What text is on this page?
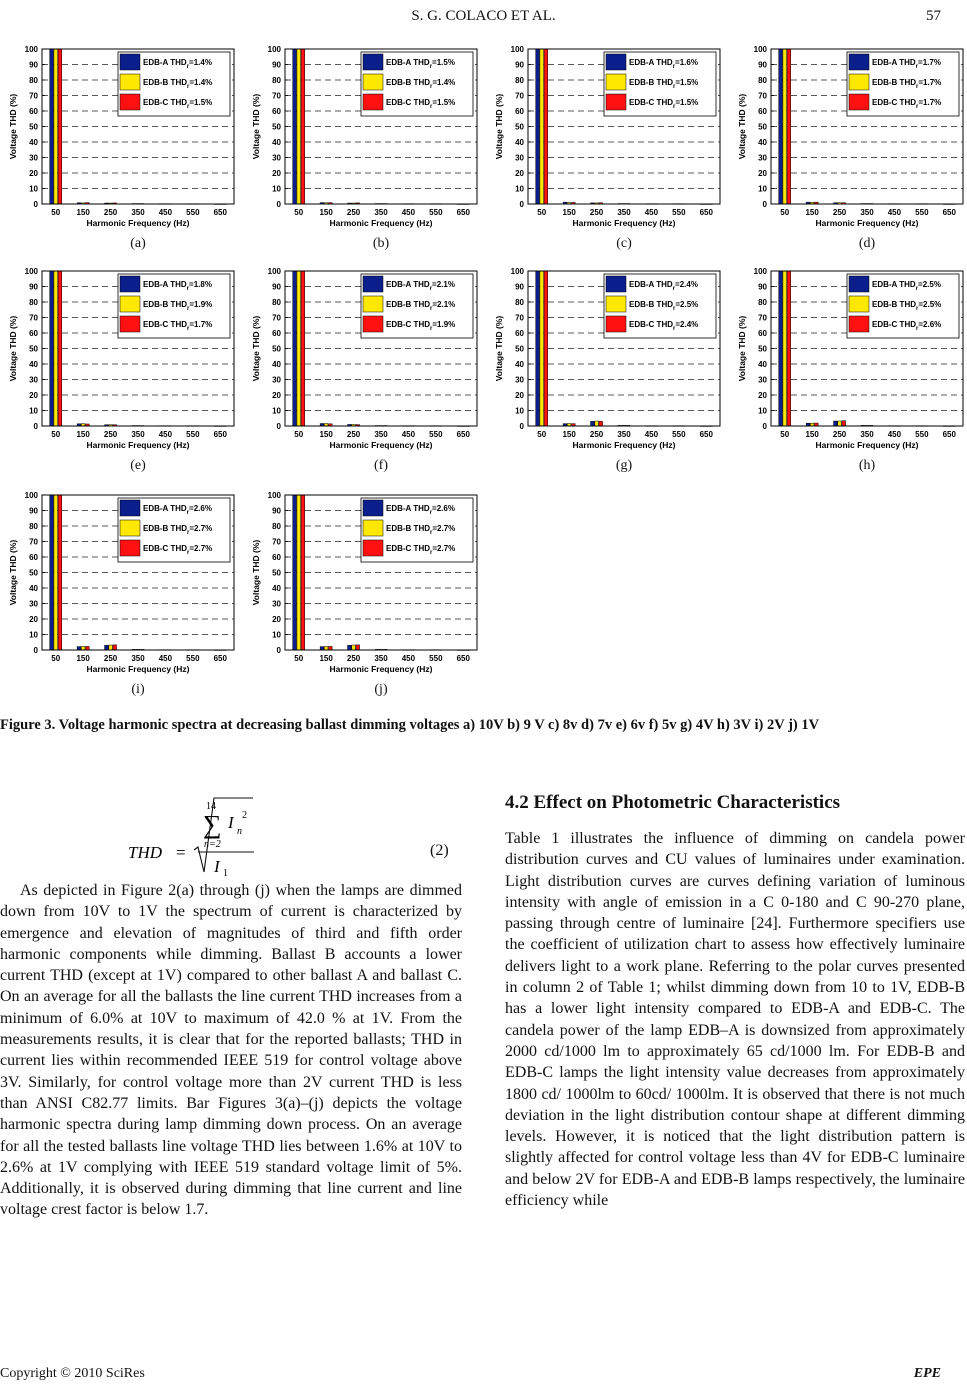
S. G. COLACO ET AL.	57
0
10
20
30
40
50
60
70
80
90
100
50 150 250 350 450 550 650
Harmonic Frequency (Hz)
Voltage THD (%)
EDB-A $THD_r=1.4\%$
EDB-B $THD_r=1.4\%$
EDB-C $THD_r=1.5\%$
0
10
20
30
40
50
60
70
80
90
100
50 150 250 350 450 550 650
Harmonic Frequency (Hz)
Voltage THD (%)
EDB-A $THD_r=1.5\%$
EDB-B $THD_r=1.4\%$
EDB-C $THD_r=1.5\%$
0
10
20
30
40
50
60
70
80
90
100
50 150 250 350 450 550 650
Harmonic Frequency (Hz)
Voltage THD (%)
EDB-A $THD_r=1.6\%$
EDB-B $THD_r=1.5\%$
EDB-C $THD_r=1.5\%$
0
10
20
30
40
50
60
70
80
90
100
50 150 250 350 450 550 650
Harmonic Frequency (Hz)
Voltage THD (%)
EDB-A $THD_r=1.7\%$
EDB-B $THD_r=1.7\%$
EDB-C $THD_r=1.7\%$
0
10
20
30
40
50
60
70
80
90
100
50 150 250 350 450 550 650
Harmonic Frequency (Hz)
Voltage THD (%)
EDB-A $THD_r=1.8\%$
EDB-B $THD_r=1.9\%$
EDB-C $THD_r=1.7\%$
0
10
20
30
40
50
60
70
80
90
100
50 150 250 350 450 550 650
Harmonic Frequency (Hz)
Voltage THD (%)
EDB-A $THD_r=2.1\%$
EDB-B $THD_r=2.1\%$
EDB-C $THD_r=1.9\%$
0
10
20
30
40
50
60
70
80
90
100
50 150 250 350 450 550 650
Harmonic Frequency (Hz)
Voltage THD (%)
EDB-A $THD_r=2.4\%$
EDB-B $THD_r=2.5\%$
EDB-C $THD_r=2.4\%$
0
10
20
30
40
50
60
70
80
90
100
50 150 250 350 450 550 650
Harmonic Frequency (Hz)
Voltage THD (%)
EDB-A $THD_r=2.5\%$
EDB-B $THD_r=2.5\%$
EDB-C $THD_r=2.6\%$
0
10
20
30
40
50
60
70
80
90
100
50 150 250 350 450 550 650
Harmonic Frequency (Hz)
Voltage THD (%)
EDB-A $THD_r=2.6\%$
EDB-B $THD_r=2.7\%$
EDB-C $THD_r=2.7\%$
0
10
20
30
40
50
60
70
80
90
100
50 150 250 350 450 550 650
Harmonic Frequency (Hz)
Voltage THD (%)
EDB-A $THD_r=2.6\%$
EDB-B $THD_r=2.7\%$
EDB-C $THD_r=2.7\%$
Figure 3. Voltage harmonic spectra at decreasing ballast dimming voltages a) 10V b) 9 V c) 8v d) 7v e) 6v f) 5v g) 4V h) 3V i) 2V j) 1V
THD =
14
∑
n=2
I 2
n
I 1
(2)

As depicted in Figure 2(a) through (j) when the lamps are dimmed down from 10V to 1V the spectrum of current is characterized by emergence and elevation of magnitudes of third and fifth order harmonic components while dimming. Ballast B accounts a lower current THD (except at 1V) compared to other ballast A and ballast C. On an average for all the ballasts the line current THD increases from a minimum of 6.0% at 10V to maximum of 42.0 % at 1V. From the measurements results, it is clear that for the reported ballasts; THD in current lies within recommended IEEE 519 for control voltage above 3V. Similarly, for control voltage more than 2V current THD is less than ANSI C82.77 limits. Bar Figures 3(a)–(j) depicts the voltage harmonic spectra during lamp dimming down process. On an average for all the tested ballasts line voltage THD lies between 1.6% at 10V to 2.6% at 1V complying with IEEE 519 standard voltage limit of 5%. Additionally, it is observed during dimming that line current and line voltage crest factor is below 1.7.

4.2 Effect on Photometric Characteristics

Table 1 illustrates the influence of dimming on candela power distribution curves and CU values of luminaires under examination. Light distribution curves are curves defining variation of luminous intensity with angle of emission in a C 0-180 and C 90-270 plane, passing through centre of luminaire [24]. Furthermore specifiers use the coefficient of utilization chart to assess how effectively luminaire delivers light to a work plane. Referring to the polar curves presented in column 2 of Table 1; whilst dimming down from 10 to 1V, EDB-B has a lower light intensity compared to EDB-A and EDB-C. The candela power of the lamp EDB–A is downsized from approximately 2000 cd/1000 lm to approximately 65 cd/1000 lm. For EDB-B and EDB-C lamps the light intensity value decreases from approximately 1800 cd/ 1000lm to 60cd/ 1000lm. It is observed that there is not much deviation in the light distribution contour shape at different dimming levels. However, it is noticed that the light distribution pattern is slightly affected for control voltage less than 4V for EDB-C luminaire and below 2V for EDB-A and EDB-B lamps respectively, the luminaire efficiency while

Copyright © 2010 SciRes	EPE
(a)	(b)	(c)	(d)
(e)	(f)	(g)	(h)
(i)	(j)
